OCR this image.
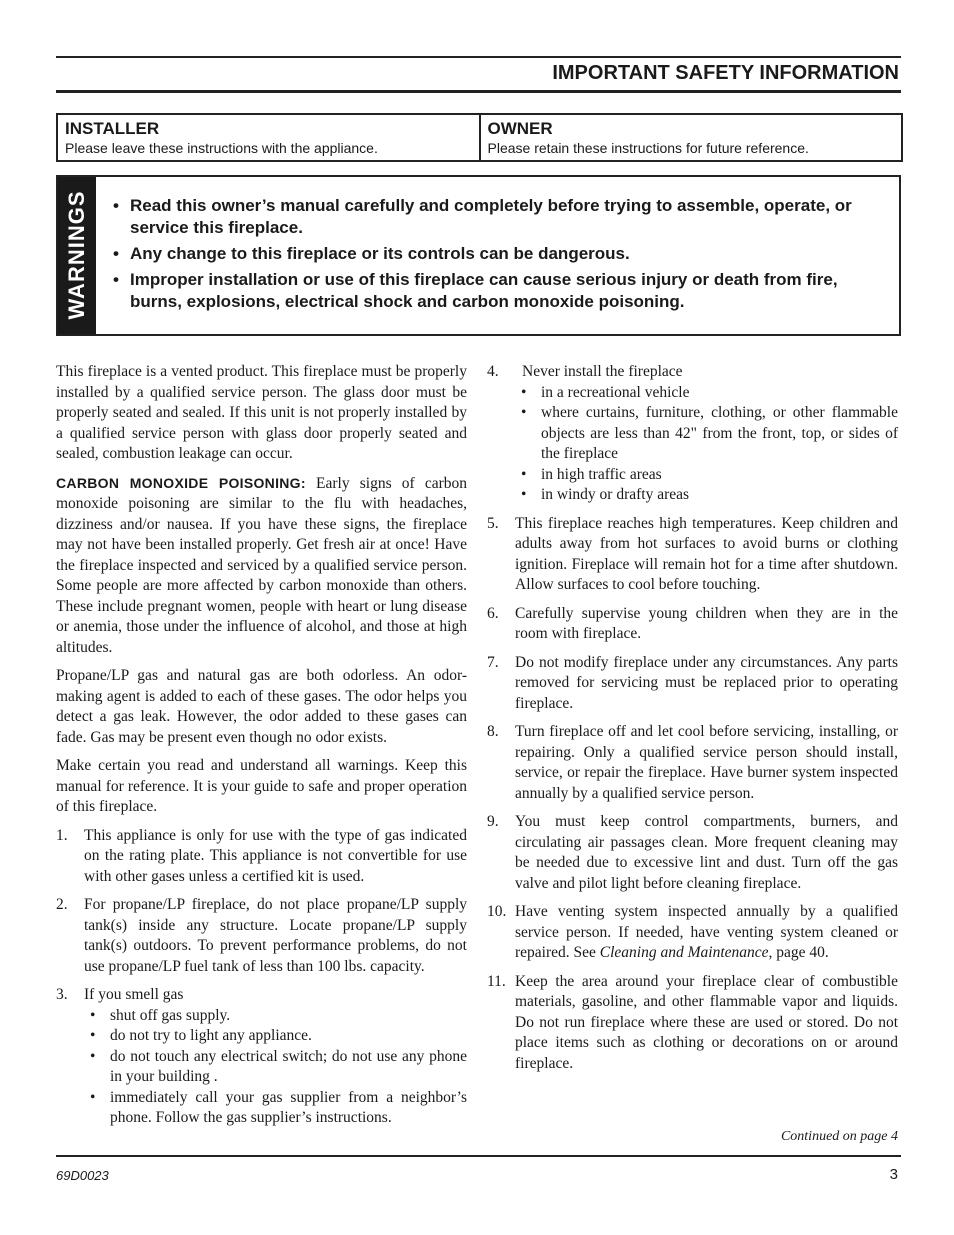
IMPORTANT SAFETY INFORMATION
INSTALLER
Please leave these instructions with the appliance.
OWNER
Please retain these instructions for future reference.
WARNINGS
•	Read this owner’s manual carefully and completely before trying to assemble, operate, or service this fireplace.
• Any change to this fireplace or its controls can be dangerous.
• Improper installation or use of this fireplace can cause serious injury or death from fire, burns, explosions, electrical shock and carbon monoxide poisoning.

This fireplace is a vented product. This fireplace must be properly installed by a qualified service person. The glass door must be properly seated and sealed. If this unit is not properly installed by a qualified service person with glass door properly seated and sealed, combustion leakage can occur.

CARBON MONOXIDE POISONING: Early signs of carbon monoxide poisoning are similar to the flu with headaches, dizziness and/or nausea. If you have these signs, the fireplace may not have been installed properly. Get fresh air at once! Have the fireplace inspected and serviced by a qualified service person. Some people are more affected by carbon monoxide than others. These include pregnant women, people with heart or lung disease or anemia, those under the influence of alcohol, and those at high altitudes.

Propane/LP gas and natural gas are both odorless. An odor-making agent is added to each of these gases. The odor helps you detect a gas leak. However, the odor added to these gases can fade. Gas may be present even though no odor exists.

Make certain you read and understand all warnings. Keep this manual for reference. It is your guide to safe and proper operation of this fireplace.

1. This appliance is only for use with the type of gas indicated on the rating plate. This appliance is not convertible for use with other gases unless a certified kit is used.
2. For propane/LP fireplace, do not place propane/LP supply tank(s) inside any structure. Locate propane/LP supply tank(s) outdoors. To prevent performance problems, do not use propane/LP fuel tank of less than 100 lbs. capacity.
3. If you smell gas
• shut off gas supply.
• do not try to light any appliance.
• do not touch any electrical switch; do not use any phone in your building .
• immediately call your gas supplier from a neighbor’s phone. Follow the gas supplier’s instructions.
4. Never install the fireplace
• in a recreational vehicle
• where curtains, furniture, clothing, or other flammable objects are less than 42" from the front, top, or sides of the fireplace
• in high traffic areas
• in windy or drafty areas
5. This fireplace reaches high temperatures. Keep children and adults away from hot surfaces to avoid burns or clothing ignition. Fireplace will remain hot for a time after shutdown. Allow surfaces to cool before touching.
6. Carefully supervise young children when they are in the room with fireplace.
7. Do not modify fireplace under any circumstances. Any parts removed for servicing must be replaced prior to operating fireplace.
8. Turn fireplace off and let cool before servicing, installing, or repairing. Only a qualified service person should install, service, or repair the fireplace. Have burner system inspected annually by a qualified service person.
9. You must keep control compartments, burners, and circulating air passages clean. More frequent cleaning may be needed due to excessive lint and dust. Turn off the gas valve and pilot light before cleaning fireplace.
10. Have venting system inspected annually by a qualified service person. If needed, have venting system cleaned or repaired. See Cleaning and Maintenance, page 40.
11. Keep the area around your fireplace clear of combustible materials, gasoline, and other flammable vapor and liquids. Do not run fireplace where these are used or stored. Do not place items such as clothing or decorations on or around fireplace.
Continued on page 4
69D0023	3
